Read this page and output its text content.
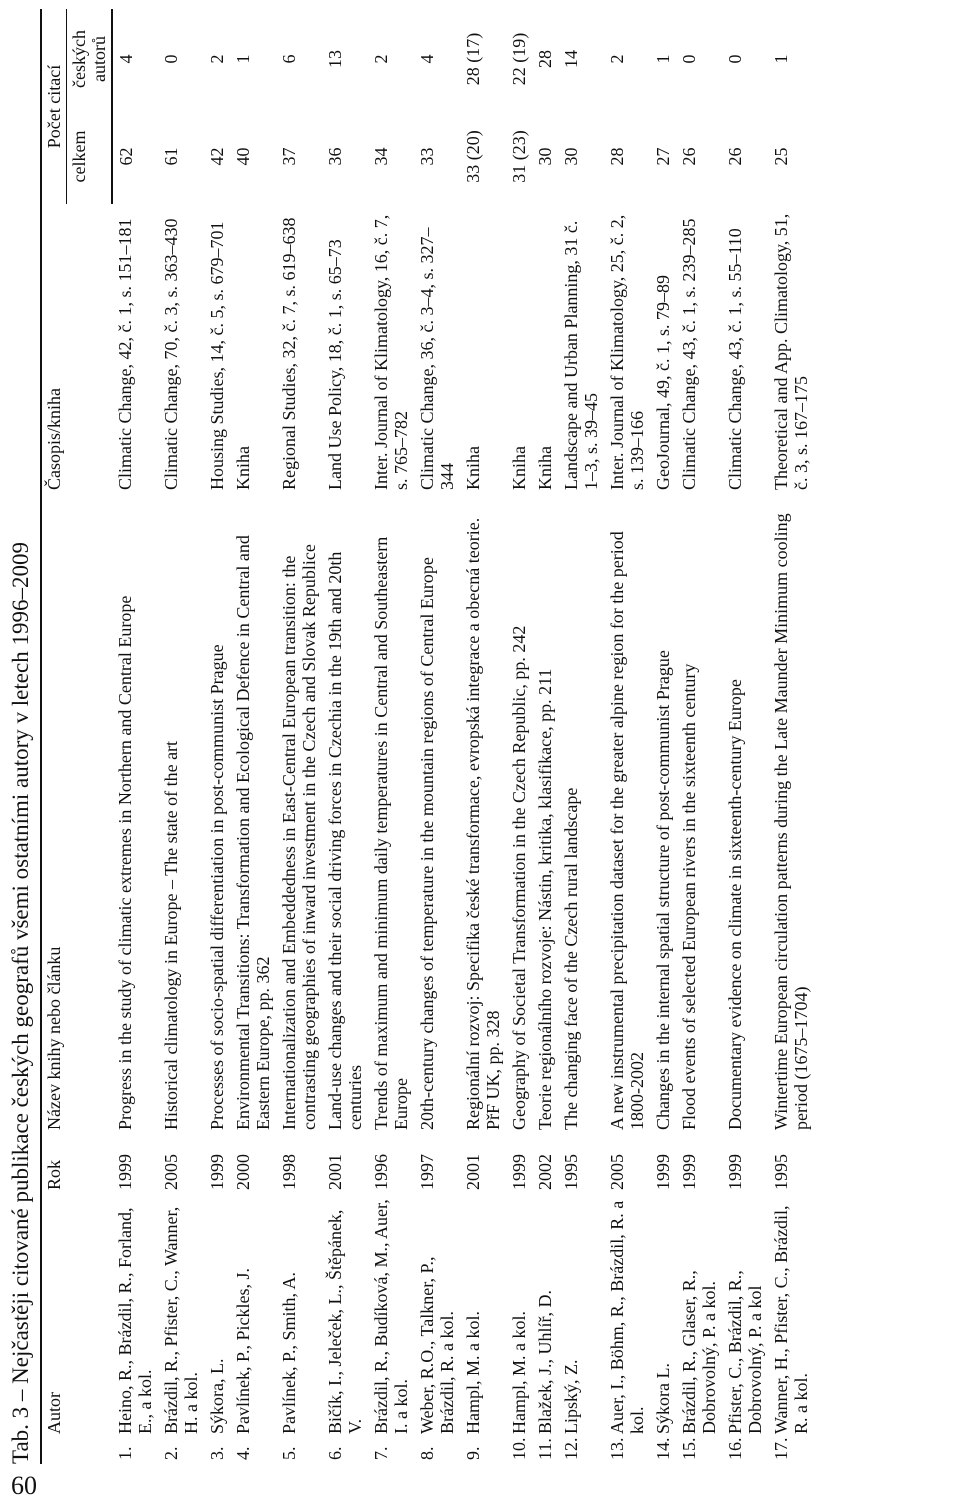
60
Tab. 3 – Nejčastěji citované publikace českých geografů všemi ostatními autory v letech 1996–2009 Autor	Rok	Název knihy nebo článku	Časopis/kniha	Počet citací	
				celkem	českých autorů

1.
Heino, R., Brázdil, R., Forland, E., a kol.	1999	Progress in the study of climatic extremes in Northern and Central Europe	Climatic Change, 42, č. 1, s. 151–181	62	4

2.
Brázdil, R., Pfister, C., Wanner, H. a kol.	2005	Historical climatology in Europe – The state of the art	Climatic Change, 70, č. 3, s. 363–430	61	0

3.
Sýkora, L.	1999	Processes of socio-spatial differentiation in post-communist Prague	Housing Studies, 14, č. 5, s. 679–701	42	2

4.
Pavlínek, P., Pickles, J.	2000	Environmental Transitions: Transformation and Ecological Defence in Central and Eastern Europe, pp. 362	Kniha	40	1

5.
Pavlínek, P., Smith, A.	1998	Internationalization and Embeddedness in East-Central European transition: the contrasting geographies of inward investment in the Czech and Slovak Republice	Regional Studies, 32, č. 7, s. 619–638	37	6

6.
Bičík, I., Jeleček, L., Štěpánek, V.	2001	Land-use changes and their social driving forces in Czechia in the 19th and 20th centuries	Land Use Policy, 18, č. 1, s. 65–73	36	13

7.
Brázdil, R., Budíková, M., Auer, I. a kol.	1996	Trends of maximum and minimum daily temperatures in Central and Southeastern Europe	Inter. Journal of Klimatology, 16, č. 7, s. 765–782	34	2

8.
Weber, R.O., Talkner, P., Brázdil, R. a kol.	1997	20th-century changes of temperature in the mountain regions of Central Europe	Climatic Change, 36, č. 3–4, s. 327–344	33	4

9.
Hampl, M. a kol.	2001	Regionální rozvoj: Specifika české transformace, evropská integrace a obecná teorie. PřF UK, pp. 328	Kniha	33 (20)	28 (17)

10.
Hampl, M. a kol.	1999	Geography of Societal Transformation in the Czech Republic, pp. 242	Kniha	31 (23)	22 (19)

11.
Blažek, J., Uhlíř, D.	2002	Teorie regionálního rozvoje: Nástin, kritika, klasifikace, pp. 211	Kniha	30	28

12.
Lipský, Z.	1995	The changing face of the Czech rural landscape	Landscape and Urban Planning, 31 č. 1–3, s. 39–45	30	14

13.
Auer, I., Böhm, R., Brázdil, R. a kol.	2005	A new instrumental precipitation dataset for the greater alpine region for the period 1800-2002	Inter. Journal of Klimatology, 25, č. 2, s. 139–166	28	2

14.
Sýkora L.	1999	Changes in the internal spatial structure of post-communist Prague	GeoJournal, 49, č. 1, s. 79–89	27	1

15.
Brázdil, R., Glaser, R., Dobrovolný, P. a kol.	1999	Flood events of selected European rivers in the sixteenth century	Climatic Change, 43, č. 1, s. 239–285	26	0

16.
Pfister, C., Brázdil, R., Dobrovolný, P. a kol	1999	Documentary evidence on climate in sixteenth-century Europe	Climatic Change, 43, č. 1, s. 55–110	26	0

17.
Wanner, H., Pfister, C., Brázdil, R. a kol.	1995	Wintertime European circulation patterns during the Late Maunder Minimum cooling period (1675–1704)	Theoretical and App. Climatology, 51, č. 3, s. 167–175	25	1
